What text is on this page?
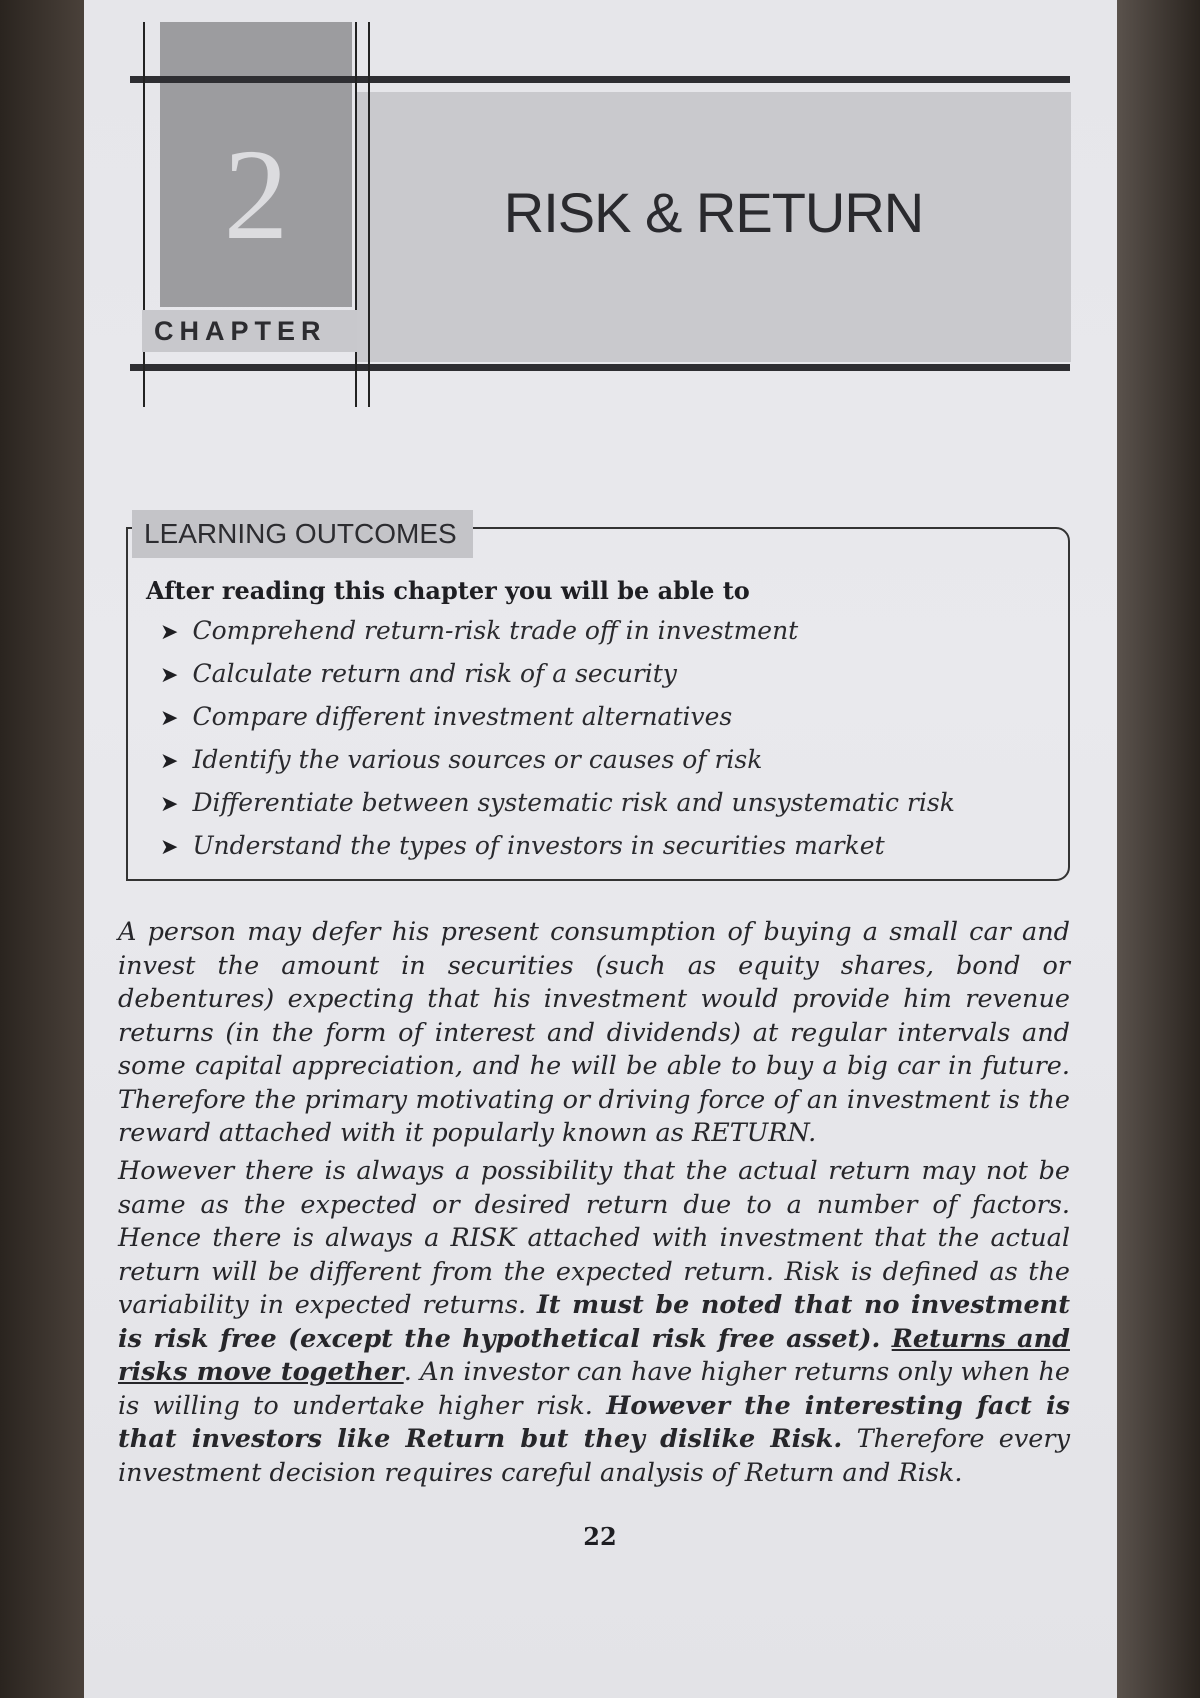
2
CHAPTER
RISK & RETURN
LEARNING OUTCOMES
After reading this chapter you will be able to
➤ Comprehend return-risk trade off in investment
➤ Calculate return and risk of a security
➤ Compare different investment alternatives
➤ Identify the various sources or causes of risk
➤ Differentiate between systematic risk and unsystematic risk
➤ Understand the types of investors in securities market
A person may defer his present consumption of buying a small car and invest the amount in securities (such as equity shares, bond or debentures) expecting that his investment would provide him revenue returns (in the form of interest and dividends) at regular intervals and some capital appreciation, and he will be able to buy a big car in future. Therefore the primary motivating or driving force of an investment is the reward attached with it popularly known as RETURN.
However there is always a possibility that the actual return may not be same as the expected or desired return due to a number of factors. Hence there is always a RISK attached with investment that the actual return will be different from the expected return. Risk is defined as the variability in expected returns. It must be noted that no investment is risk free (except the hypothetical risk free asset). Returns and risks move together. An investor can have higher returns only when he is willing to undertake higher risk. However the interesting fact is that investors like Return but they dislike Risk. Therefore every investment decision requires careful analysis of Return and Risk.
22
